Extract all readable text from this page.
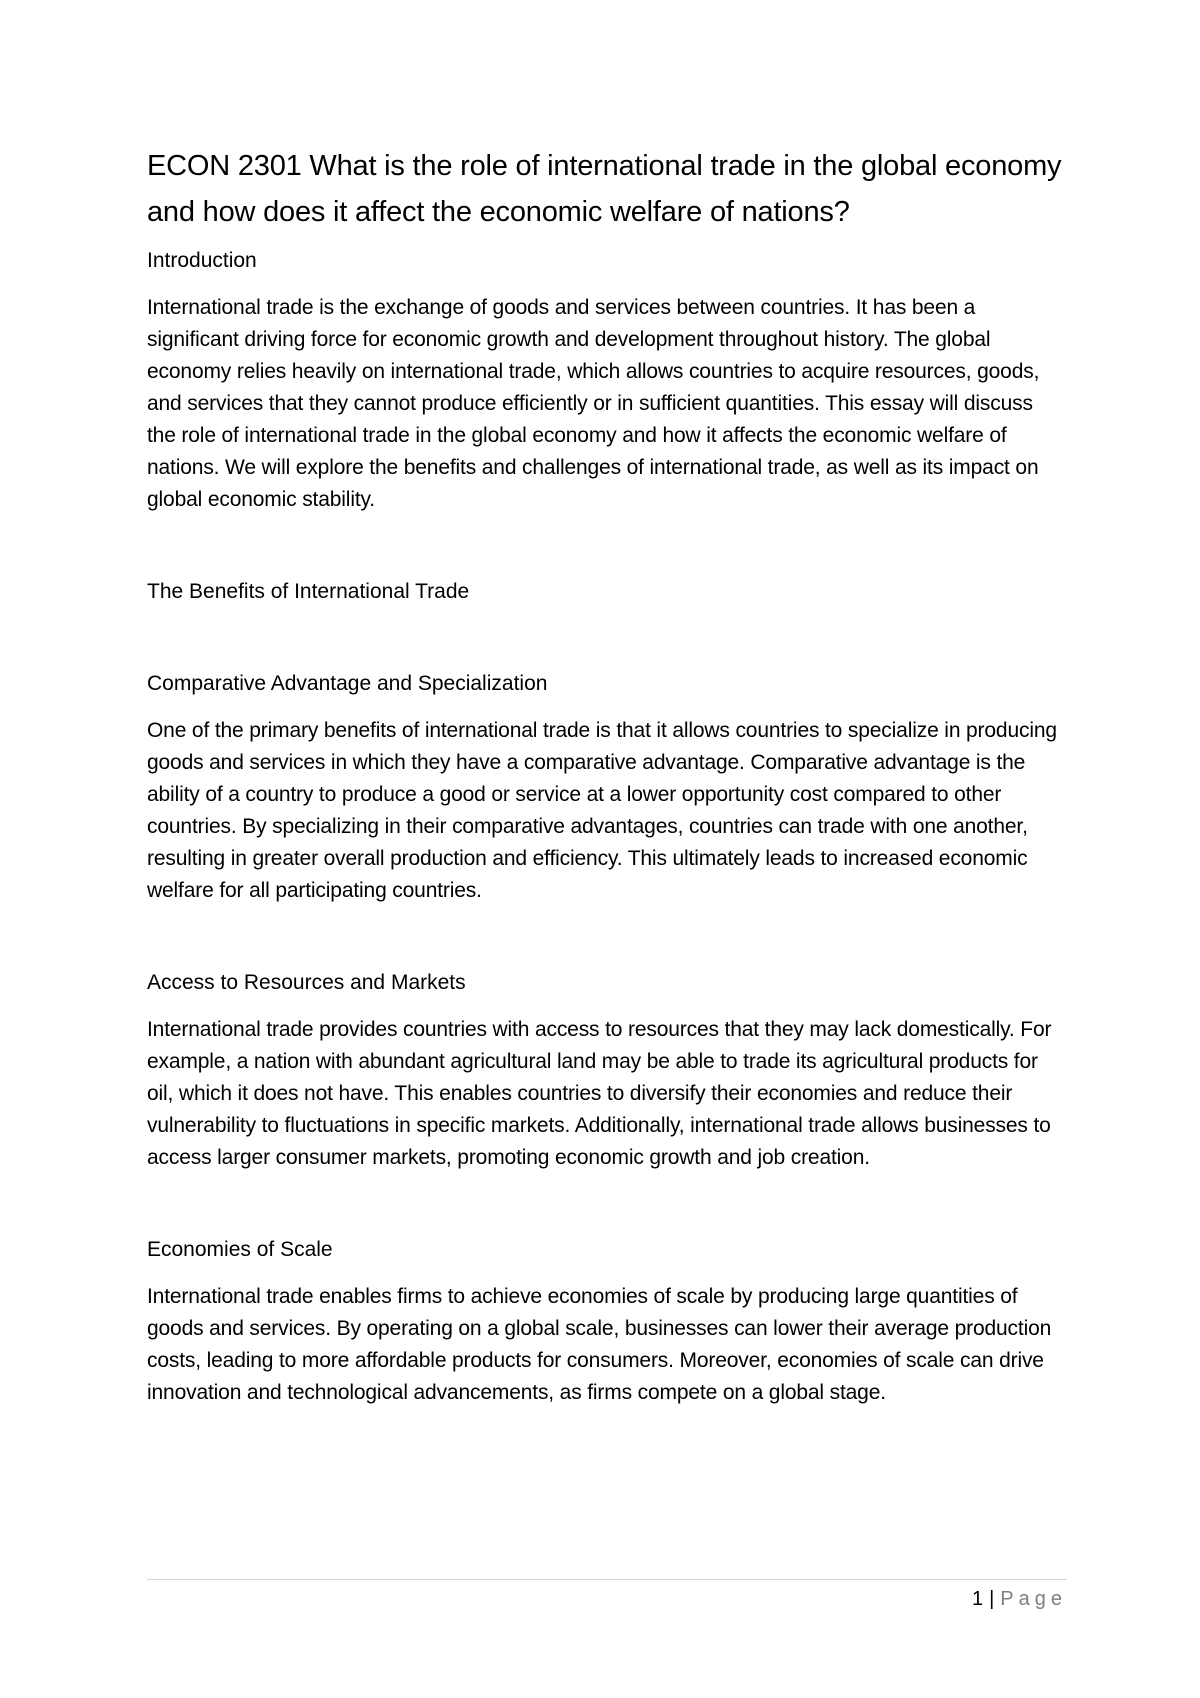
ECON 2301 What is the role of international trade in the global economy and how does it affect the economic welfare of nations?
Introduction

International trade is the exchange of goods and services between countries. It has been a significant driving force for economic growth and development throughout history. The global economy relies heavily on international trade, which allows countries to acquire resources, goods, and services that they cannot produce efficiently or in sufficient quantities. This essay will discuss the role of international trade in the global economy and how it affects the economic welfare of nations. We will explore the benefits and challenges of international trade, as well as its impact on global economic stability.

The Benefits of International Trade
Comparative Advantage and Specialization

One of the primary benefits of international trade is that it allows countries to specialize in producing goods and services in which they have a comparative advantage. Comparative advantage is the ability of a country to produce a good or service at a lower opportunity cost compared to other countries. By specializing in their comparative advantages, countries can trade with one another, resulting in greater overall production and efficiency. This ultimately leads to increased economic welfare for all participating countries.

Access to Resources and Markets

International trade provides countries with access to resources that they may lack domestically. For example, a nation with abundant agricultural land may be able to trade its agricultural products for oil, which it does not have. This enables countries to diversify their economies and reduce their vulnerability to fluctuations in specific markets. Additionally, international trade allows businesses to access larger consumer markets, promoting economic growth and job creation.

Economies of Scale

International trade enables firms to achieve economies of scale by producing large quantities of goods and services. By operating on a global scale, businesses can lower their average production costs, leading to more affordable products for consumers. Moreover, economies of scale can drive innovation and technological advancements, as firms compete on a global stage.

1 | Page
